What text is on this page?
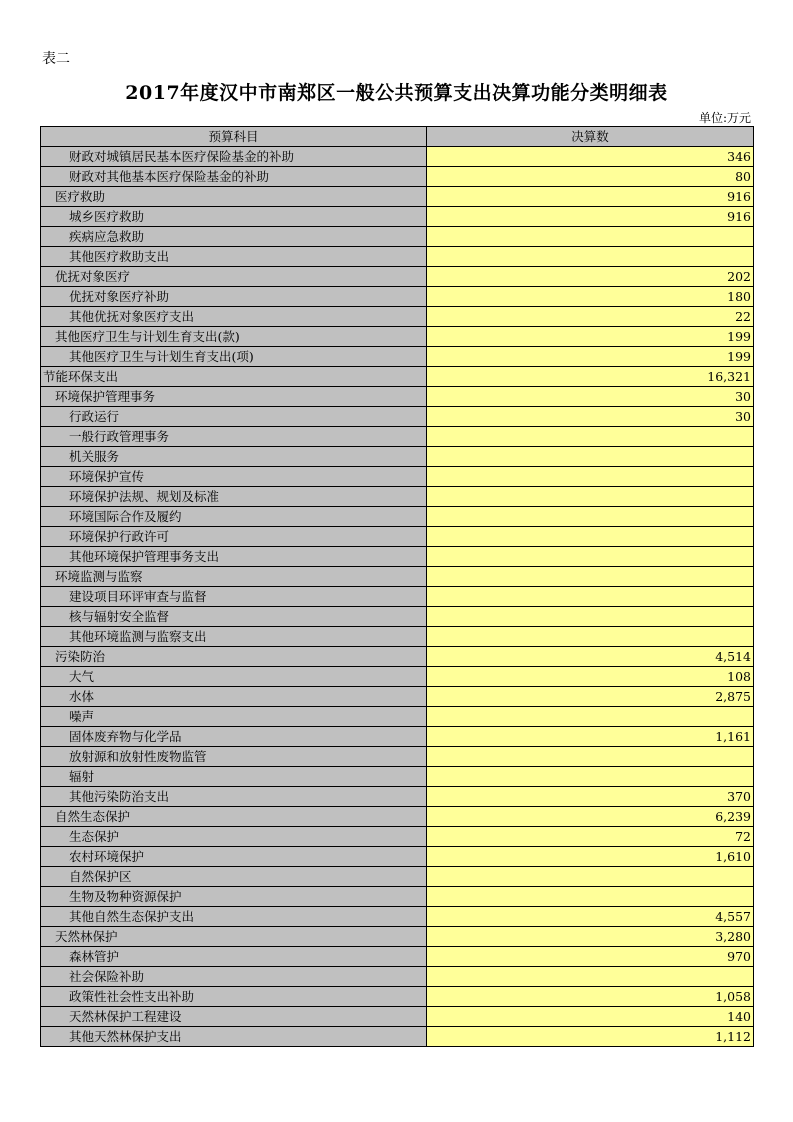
表二
2017年度汉中市南郑区一般公共预算支出决算功能分类明细表
单位:万元
预算科目	决算数
财政对城镇居民基本医疗保险基金的补助	346
财政对其他基本医疗保险基金的补助	80
医疗救助	916
城乡医疗救助	916
疾病应急救助	
其他医疗救助支出	
优抚对象医疗	202
优抚对象医疗补助	180
其他优抚对象医疗支出	22
其他医疗卫生与计划生育支出(款)	199
其他医疗卫生与计划生育支出(项)	199
节能环保支出	16,321
环境保护管理事务	30
行政运行	30
一般行政管理事务	
机关服务	
环境保护宣传	
环境保护法规、规划及标准	
环境国际合作及履约	
环境保护行政许可	
其他环境保护管理事务支出	
环境监测与监察	
建设项目环评审查与监督	
核与辐射安全监督	
其他环境监测与监察支出	
污染防治	4,514
大气	108
水体	2,875
噪声	
固体废弃物与化学品	1,161
放射源和放射性废物监管	
辐射	
其他污染防治支出	370
自然生态保护	6,239
生态保护	72
农村环境保护	1,610
自然保护区	
生物及物种资源保护	
其他自然生态保护支出	4,557
天然林保护	3,280
森林管护	970
社会保险补助	
政策性社会性支出补助	1,058
天然林保护工程建设	140
其他天然林保护支出	1,112
